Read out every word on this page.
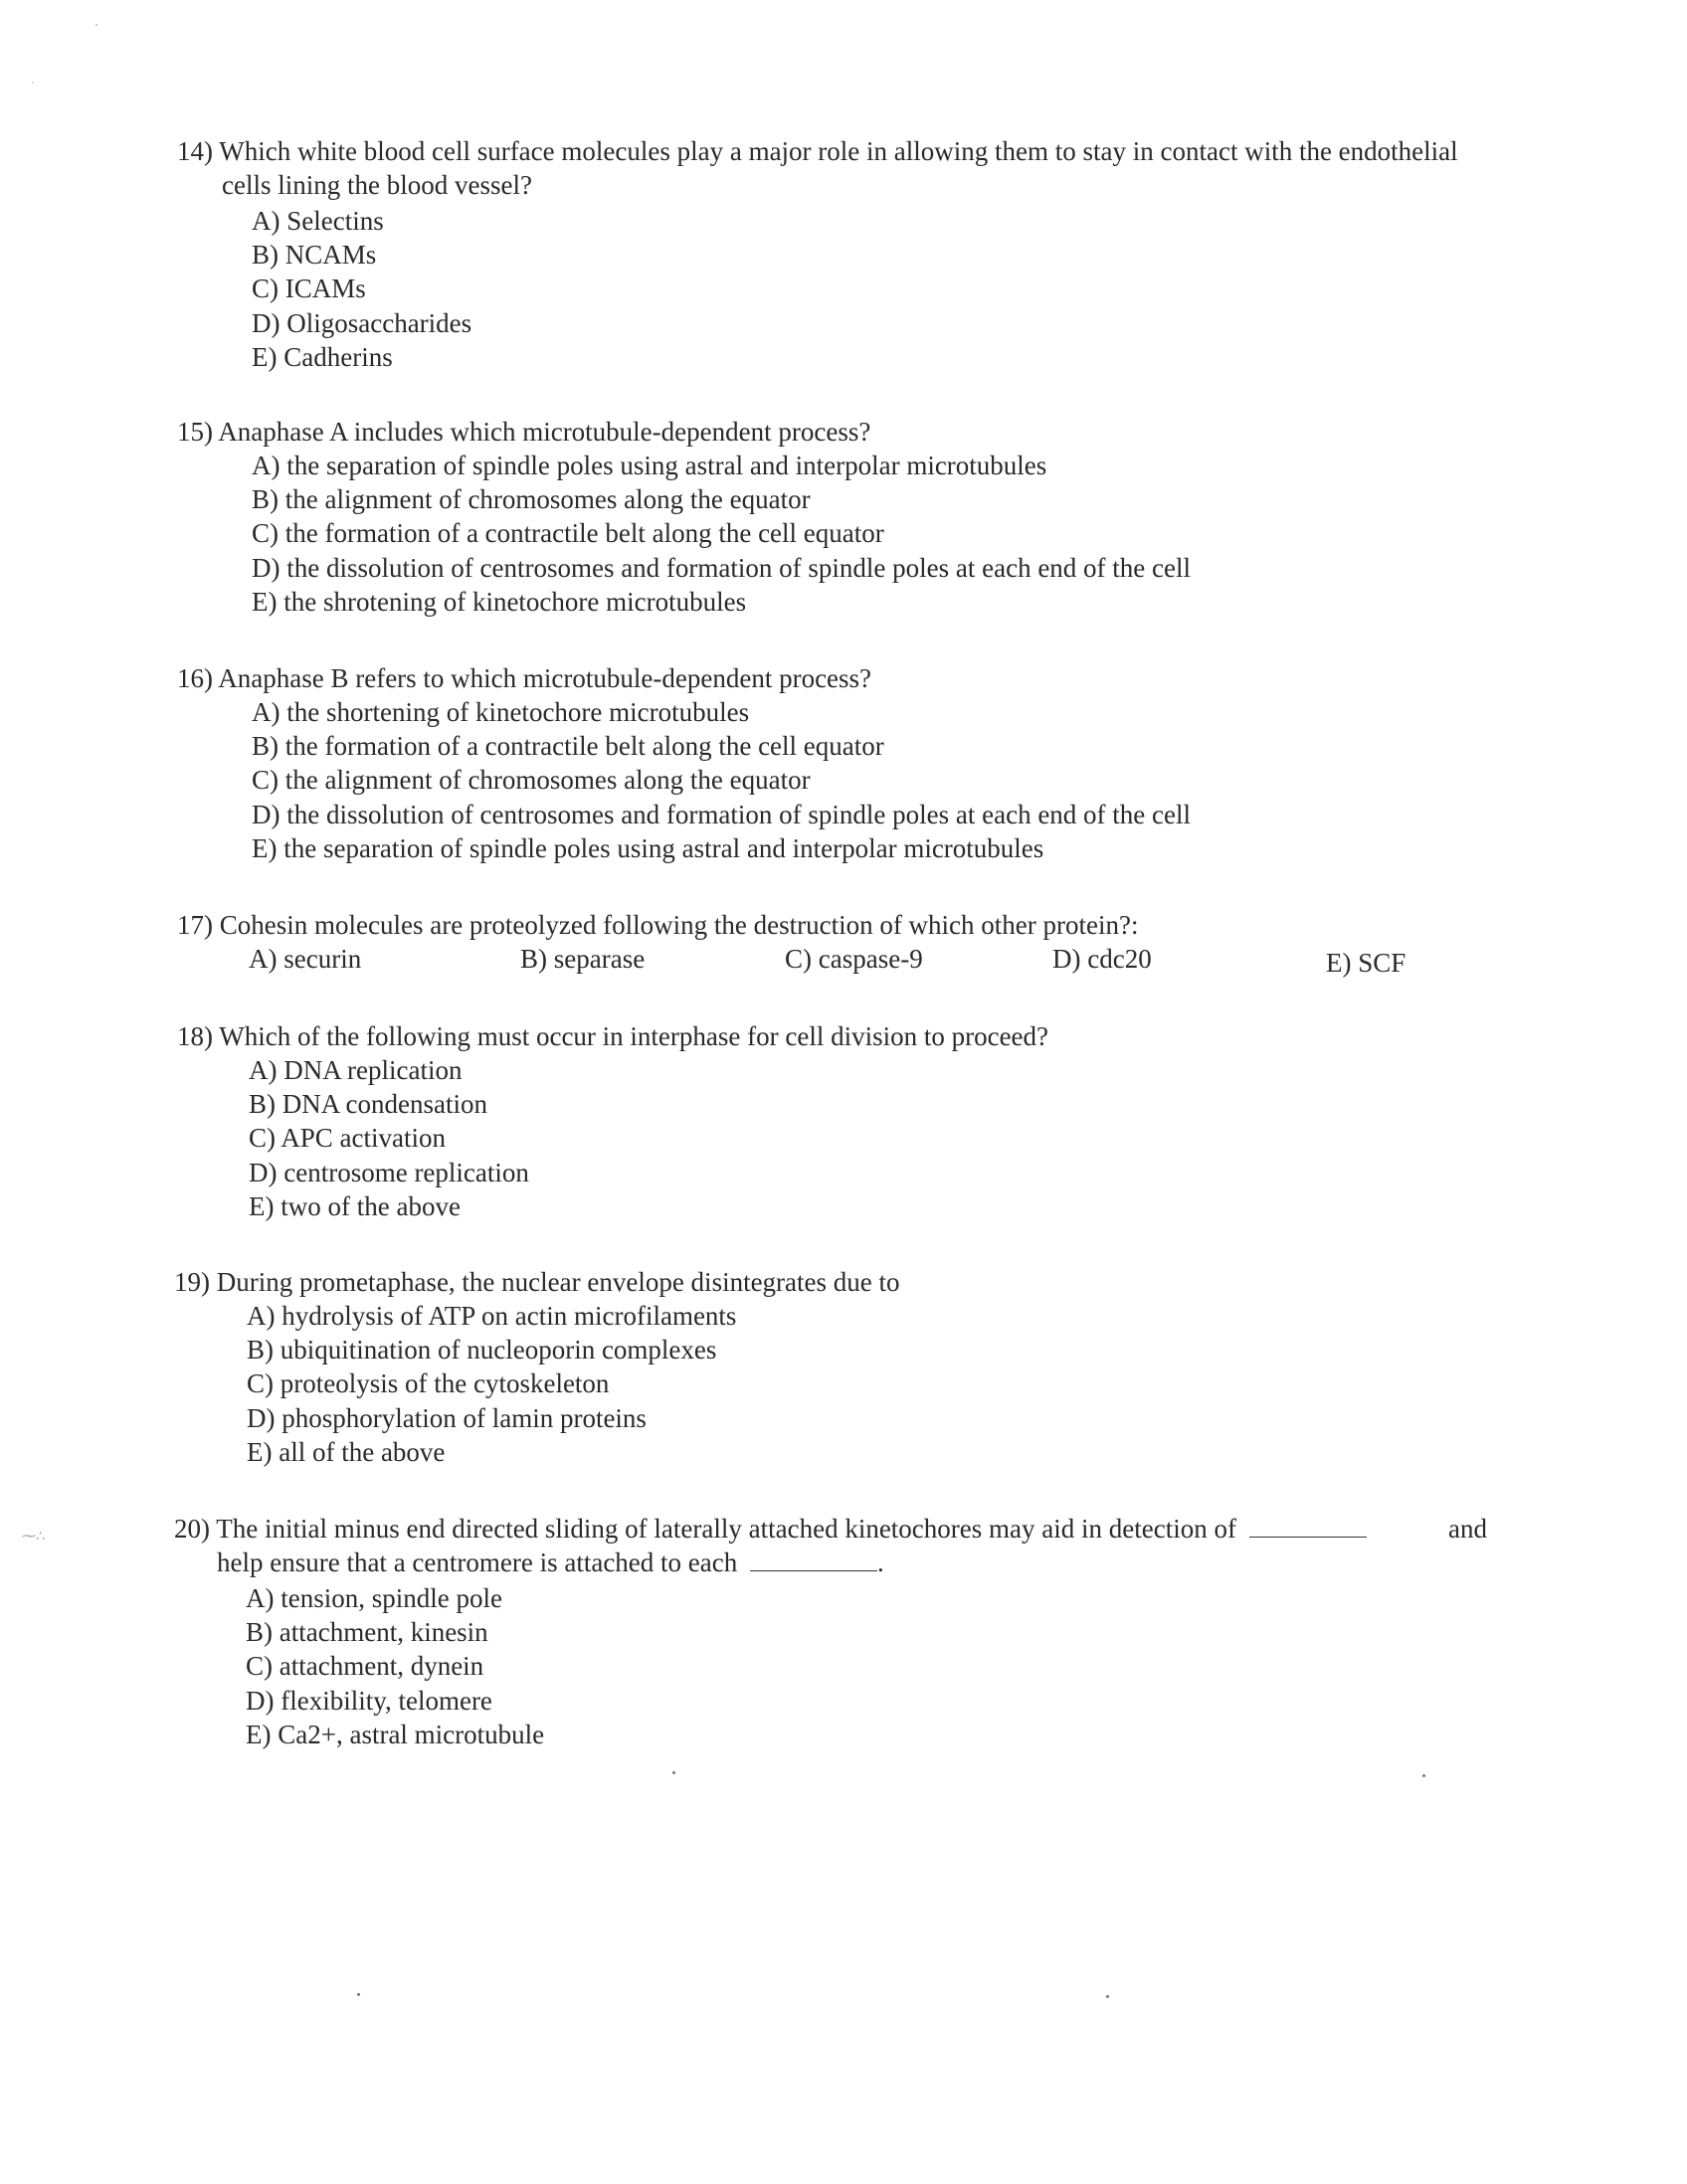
14) Which white blood cell surface molecules play a major role in allowing them to stay in contact with the endothelial cells lining the blood vessel?
A) Selectins
B) NCAMs
C) ICAMs
D) Oligosaccharides
E) Cadherins
15) Anaphase A includes which microtubule-dependent process?
A) the separation of spindle poles using astral and interpolar microtubules
B) the alignment of chromosomes along the equator
C) the formation of a contractile belt along the cell equator
D) the dissolution of centrosomes and formation of spindle poles at each end of the cell
E) the shrotening of kinetochore microtubules
16) Anaphase B refers to which microtubule-dependent process?
A) the shortening of kinetochore microtubules
B) the formation of a contractile belt along the cell equator
C) the alignment of chromosomes along the equator
D) the dissolution of centrosomes and formation of spindle poles at each end of the cell
E) the separation of spindle poles using astral and interpolar microtubules
17) Cohesin molecules are proteolyzed following the destruction of which other protein?:
A) securin	B) separase	C) caspase-9	D) cdc20	E) SCF
18) Which of the following must occur in interphase for cell division to proceed?
A) DNA replication
B) DNA condensation
C) APC activation
D) centrosome replication
E) two of the above
19) During prometaphase, the nuclear envelope disintegrates due to
A) hydrolysis of ATP on actin microfilaments
B) ubiquitination of nucleoporin complexes
C) proteolysis of the cytoskeleton
D) phosphorylation of lamin proteins
E) all of the above
20) The initial minus end directed sliding of laterally attached kinetochores may aid in detection of	and
help ensure that a centromere is attached to each	.
A) tension, spindle pole
B) attachment, kinesin
C) attachment, dynein
D) flexibility, telomere
E) Ca2+, astral microtubule
⁓∴
